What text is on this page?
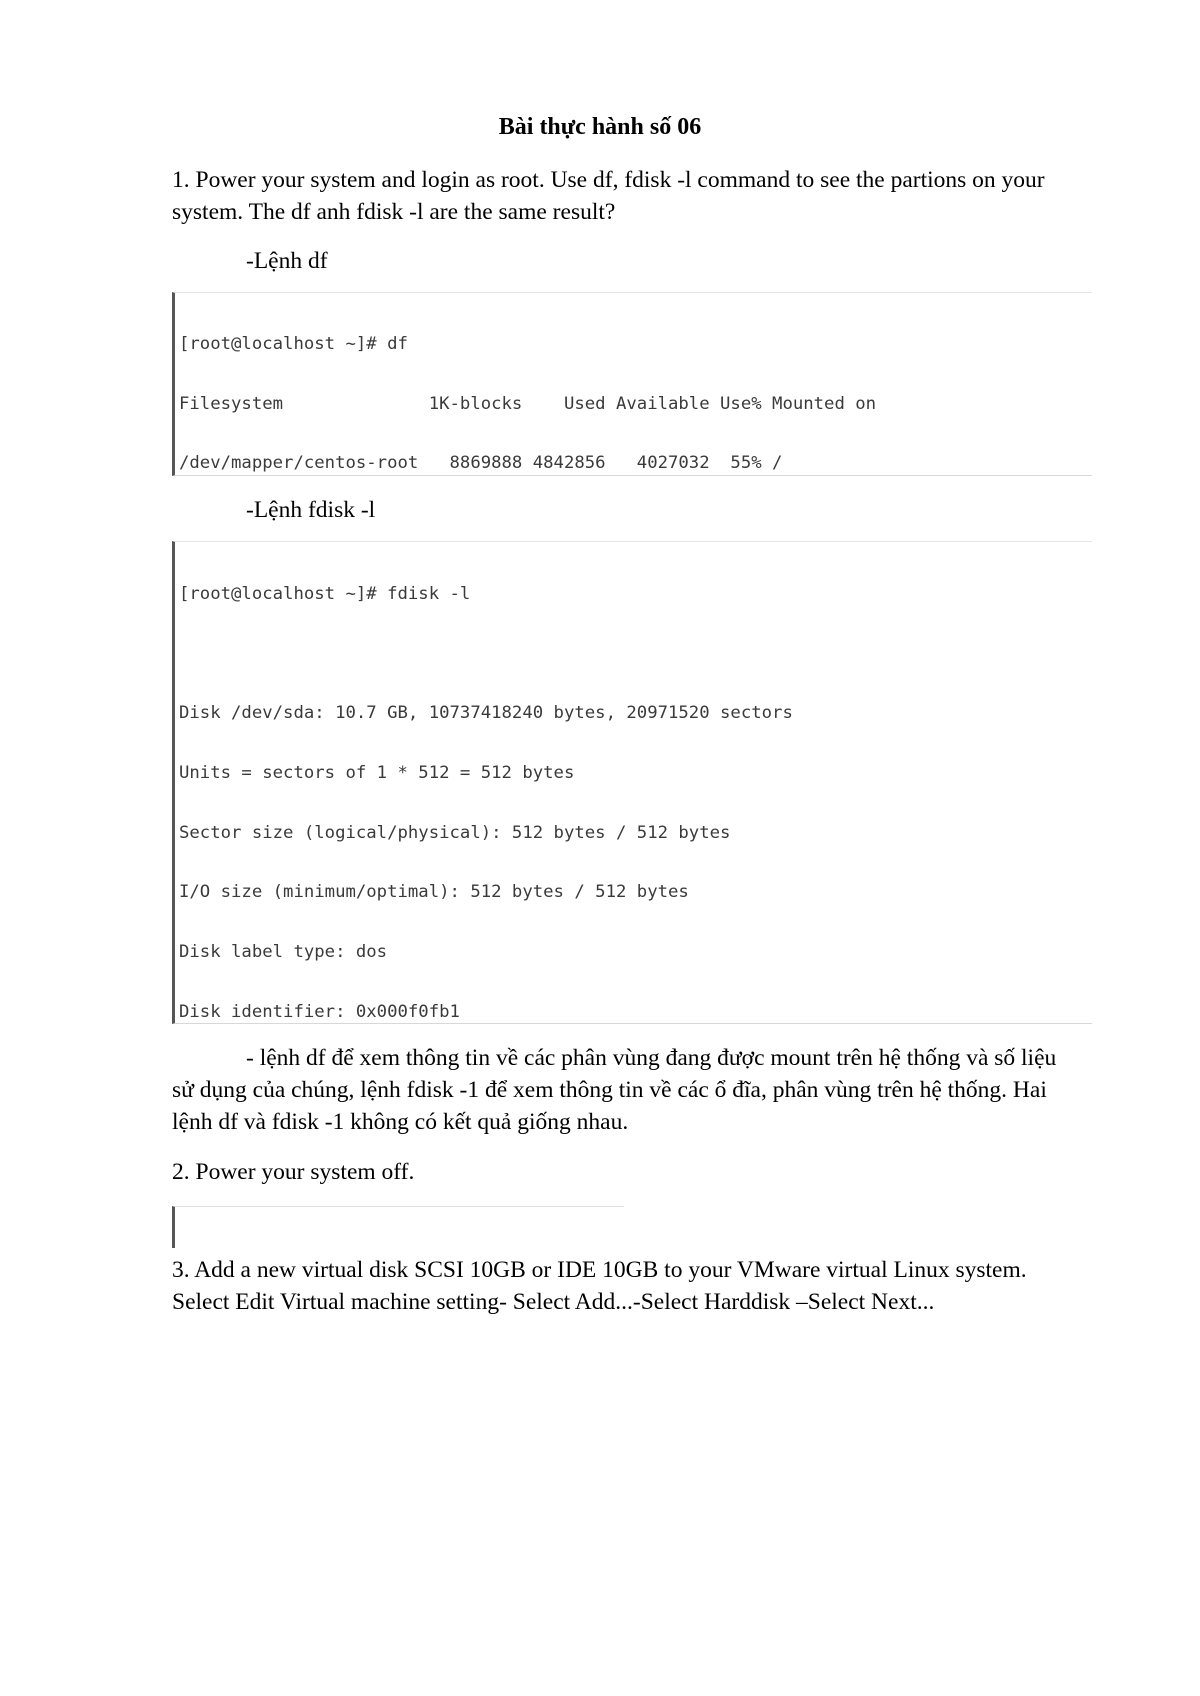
Bài thực hành số 06
1. Power your system and login as root. Use df, fdisk -l command to see the partions on your system. The df anh fdisk -l are the same result?
-Lệnh df

[root@localhost ~]# df

Filesystem              1K-blocks    Used Available Use% Mounted on

/dev/mapper/centos-root   8869888 4842856   4027032  55% /

-Lệnh fdisk -l

[root@localhost ~]# fdisk -l

Disk /dev/sda: 10.7 GB, 10737418240 bytes, 20971520 sectors

Units = sectors of 1 * 512 = 512 bytes

Sector size (logical/physical): 512 bytes / 512 bytes

I/O size (minimum/optimal): 512 bytes / 512 bytes

Disk label type: dos

Disk identifier: 0x000f0fb1

- lệnh df để xem thông tin về các phân vùng đang được mount trên hệ thống và số liệu sử dụng của chúng, lệnh fdisk -1 để xem thông tin về các ổ đĩa, phân vùng trên hệ thống. Hai lệnh df và fdisk -1 không có kết quả giống nhau.
2. Power your system off.

3. Add a new virtual disk SCSI 10GB or IDE 10GB to your VMware virtual Linux system. Select Edit Virtual machine setting- Select Add...-Select Harddisk –Select Next...
